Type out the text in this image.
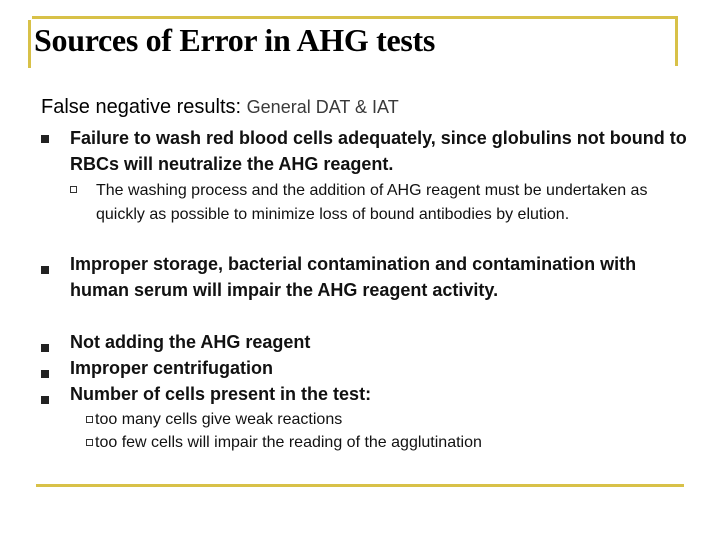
Sources of Error in AHG tests
False negative results: General DAT & IAT
Failure to wash red blood cells adequately, since globulins not bound to RBCs will neutralize the AHG reagent.
The washing process and the addition of AHG reagent must be undertaken as quickly as possible to minimize loss of bound antibodies by elution.
Improper storage, bacterial contamination and contamination with human serum will impair the AHG reagent activity.
Not adding the AHG reagent
Improper centrifugation
Number of cells present in the test:
too many cells give weak reactions
too few cells will impair the reading of the agglutination
